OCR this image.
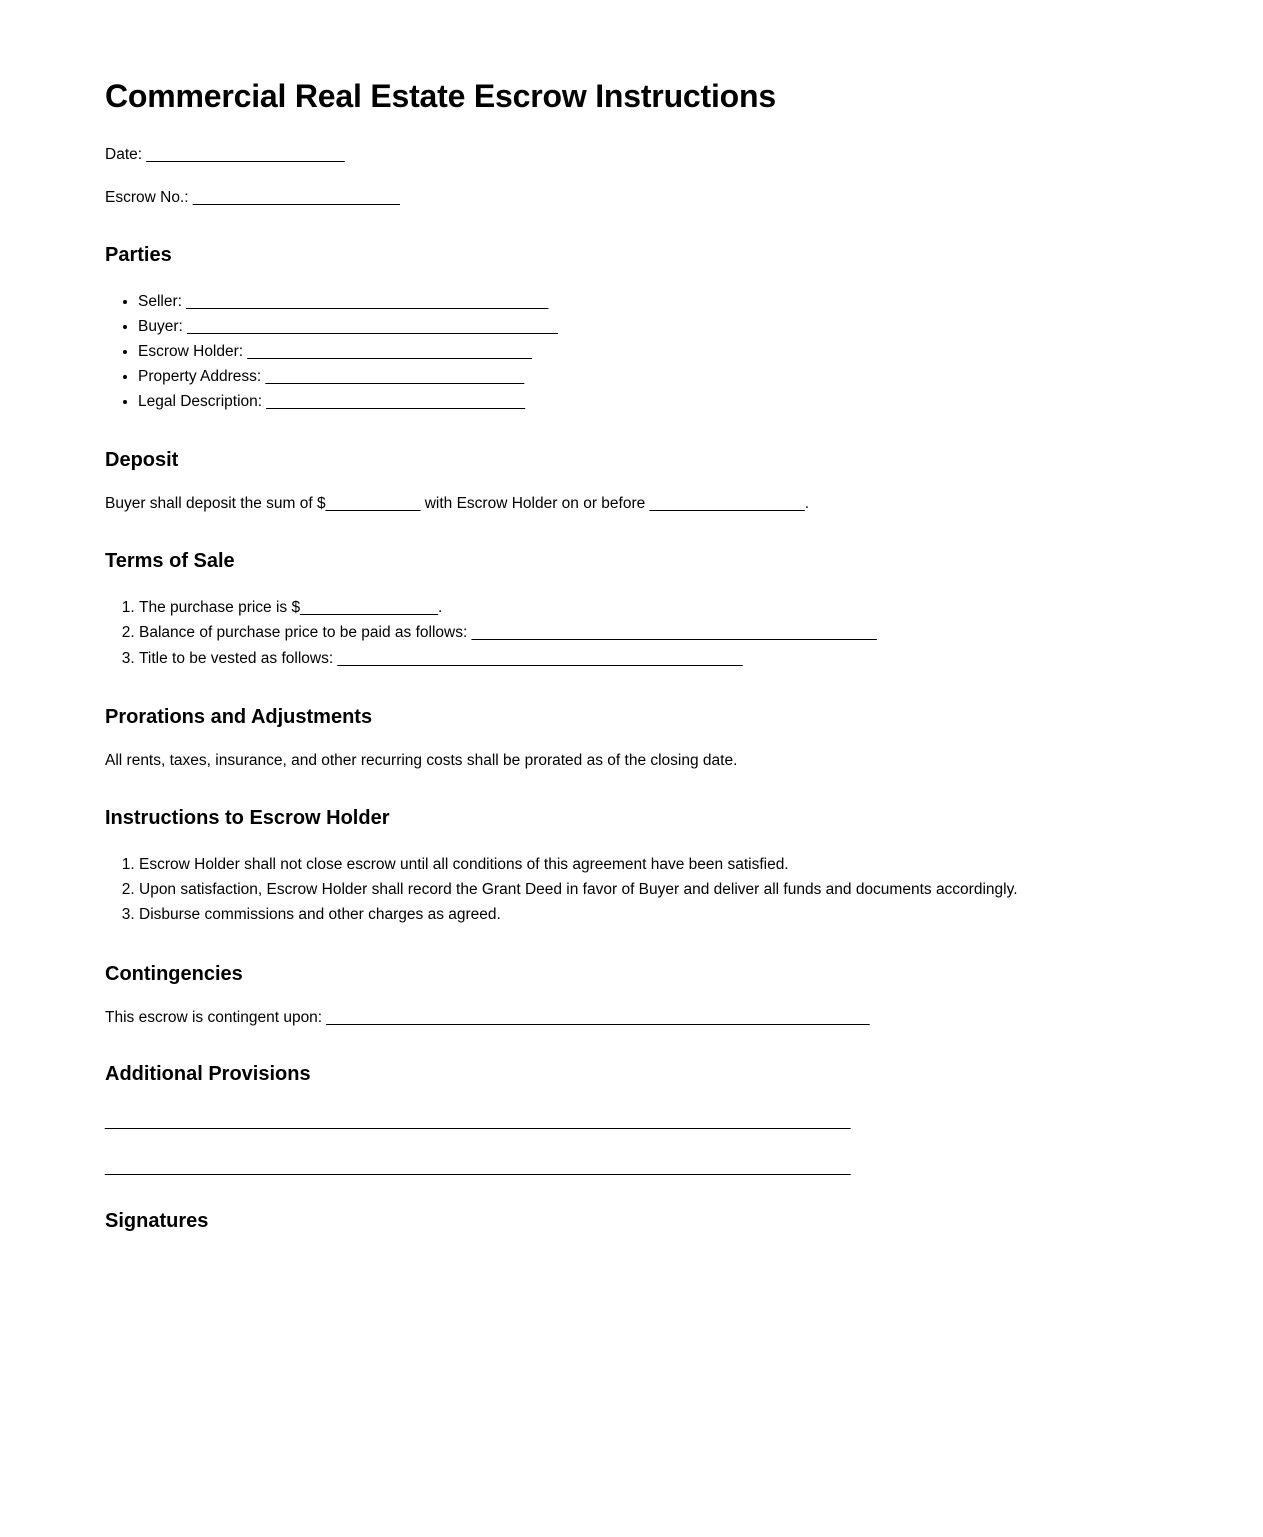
Commercial Real Estate Escrow Instructions

Date: _______________________

Escrow No.: ________________________

Parties
• Seller: __________________________________________
• Buyer: ___________________________________________
• Escrow Holder: _________________________________
• Property Address: ______________________________
• Legal Description: ______________________________
Deposit

Buyer shall deposit the sum of $___________ with Escrow Holder on or before __________________.

Terms of Sale
1. The purchase price is $________________.
2. Balance of purchase price to be paid as follows: _______________________________________________
3. Title to be vested as follows: _______________________________________________
Prorations and Adjustments

All rents, taxes, insurance, and other recurring costs shall be prorated as of the closing date.

Instructions to Escrow Holder
1. Escrow Holder shall not close escrow until all conditions of this agreement have been satisfied.
2. Upon satisfaction, Escrow Holder shall record the Grant Deed in favor of Buyer and deliver all funds and documents accordingly.
3. Disburse commissions and other charges as agreed.
Contingencies

This escrow is contingent upon: _______________________________________________________________

Additional Provisions

________________________________________________________________________________________

________________________________________________________________________________________

Signatures
